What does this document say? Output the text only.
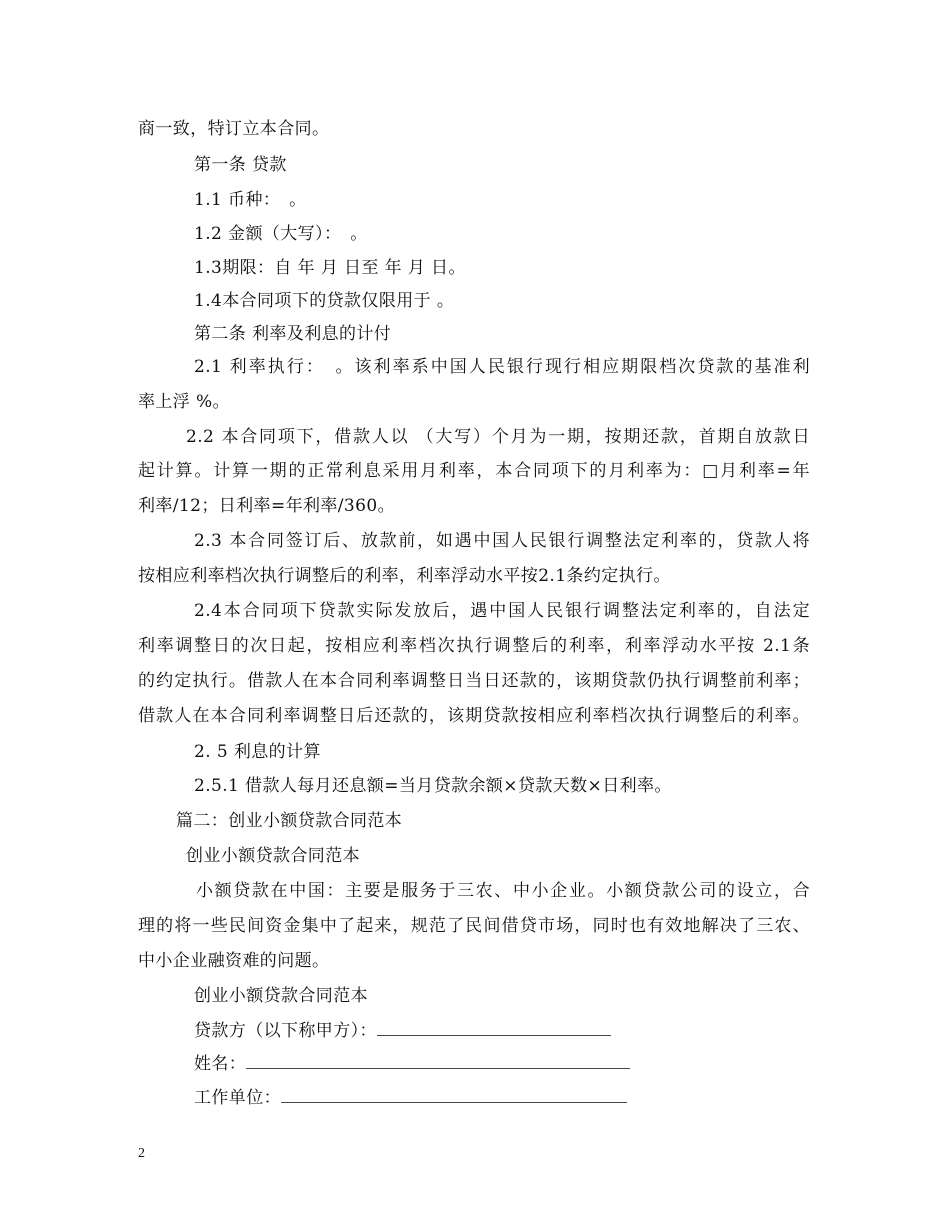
商一致，特订立本合同。
第一条 贷款
1.1 币种：　。
1.2 金额（大写）：　。
1.3期限：自 年 月 日至 年 月 日。
1.4本合同项下的贷款仅限用于 。
第二条 利率及利息的计付
2.1 利率执行：　。该利率系中国人民银行现行相应期限档次贷款的基准利
率上浮 %。
2.2 本合同项下，借款人以 （大写）个月为一期，按期还款，首期自放款日
起计算。计算一期的正常利息采用月利率，本合同项下的月利率为：□月利率=年
利率/12；日利率=年利率/360。
2.3 本合同签订后、放款前，如遇中国人民银行调整法定利率的，贷款人将
按相应利率档次执行调整后的利率，利率浮动水平按2.1条约定执行。
2.4本合同项下贷款实际发放后，遇中国人民银行调整法定利率的，自法定
利率调整日的次日起，按相应利率档次执行调整后的利率，利率浮动水平按 2.1条
的约定执行。借款人在本合同利率调整日当日还款的，该期贷款仍执行调整前利率；
借款人在本合同利率调整日后还款的，该期贷款按相应利率档次执行调整后的利率。
2. 5 利息的计算
2.5.1 借款人每月还息额=当月贷款余额×贷款天数×日利率。
篇二：创业小额贷款合同范本
创业小额贷款合同范本
小额贷款在中国：主要是服务于三农、中小企业。小额贷款公司的设立，合
理的将一些民间资金集中了起来，规范了民间借贷市场，同时也有效地解决了三农、
中小企业融资难的问题。
创业小额贷款合同范本
贷款方（以下称甲方）：
姓名：
工作单位：
2
